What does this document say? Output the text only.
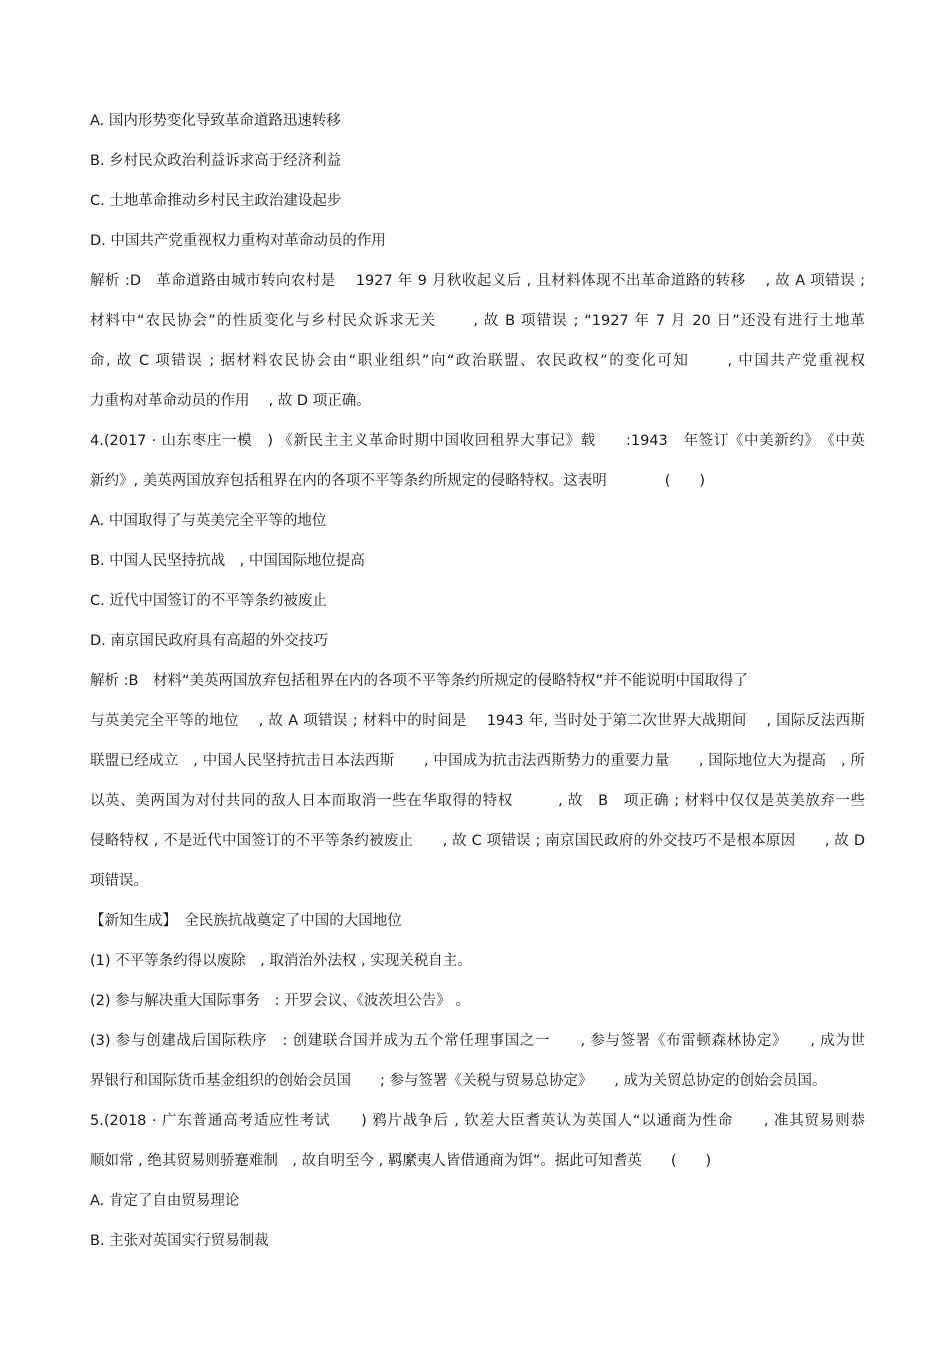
A. 国内形势变化导致革命道路迅速转移
B. 乡村民众政治利益诉求高于经济利益
C. 土地革命推动乡村民主政治建设起步
D. 中国共产党重视权力重构对革命动员的作用
解析 :D　革命道路由城市转向农村是　 1927 年 9 月秋收起义后 , 且材料体现不出革命道路的转移　 , 故 A 项错误 ;
材料中“农民协会”的性质变化与乡村民众诉求无关　　 , 故 B 项错误 ; “1927 年 7 月 20 日”还没有进行土地革
命, 故 C 项错误 ; 据材料农民协会由“职业组织”向“政治联盟、农民政权”的变化可知　　 , 中国共产党重视权
力重构对革命动员的作用　 , 故 D 项正确。
4.(2017 · 山东枣庄一模　) 《新民主主义革命时期中国收回租界大事记》载　　:1943　年签订《中美新约》　《中英
新约》, 美英两国放弃包括租界在内的各项不平等条约所规定的侵略特权。这表明　　　　(　　)
A. 中国取得了与英美完全平等的地位
B. 中国人民坚持抗战　, 中国国际地位提高
C. 近代中国签订的不平等条约被废止
D. 南京国民政府具有高超的外交技巧
解析 :B　材料“美英两国放弃包括租界在内的各项不平等条约所规定的侵略特权”并不能说明中国取得了
与英美完全平等的地位　 , 故 A 项错误 ; 材料中的时间是　 1943 年, 当时处于第二次世界大战期间　 , 国际反法西斯
联盟已经成立　, 中国人民坚持抗击日本法西斯　　, 中国成为抗击法西斯势力的重要力量　　, 国际地位大为提高　, 所
以英、美两国为对付共同的敌人日本而取消一些在华取得的特权　　　, 故　B　项正确 ; 材料中仅仅是英美放弃一些
侵略特权 , 不是近代中国签订的不平等条约被废止　　, 故 C 项错误 ; 南京国民政府的外交技巧不是根本原因　　, 故 D
项错误。
【新知生成】　全民族抗战奠定了中国的大国地位
(1) 不平等条约得以废除　, 取消治外法权 , 实现关税自主。
(2) 参与解决重大国际事务　: 开罗会议、《波茨坦公告》 。
(3) 参与创建战后国际秩序　: 创建联合国并成为五个常任理事国之一　　, 参与签署《布雷顿森林协定》　　, 成为世
界银行和国际货币基金组织的创始会员国　　; 参与签署《关税与贸易总协定》　　, 成为关贸总协定的创始会员国。
5.(2018 · 广东普通高考适应性考试　　) 鸦片战争后 , 钦差大臣耆英认为英国人“以通商为性命　　, 准其贸易则恭
顺如常 , 绝其贸易则骄蹇难制　, 故自明至今 , 羁縻夷人皆借通商为饵”。据此可知耆英　　(　　)
A. 肯定了自由贸易理论
B. 主张对英国实行贸易制裁
